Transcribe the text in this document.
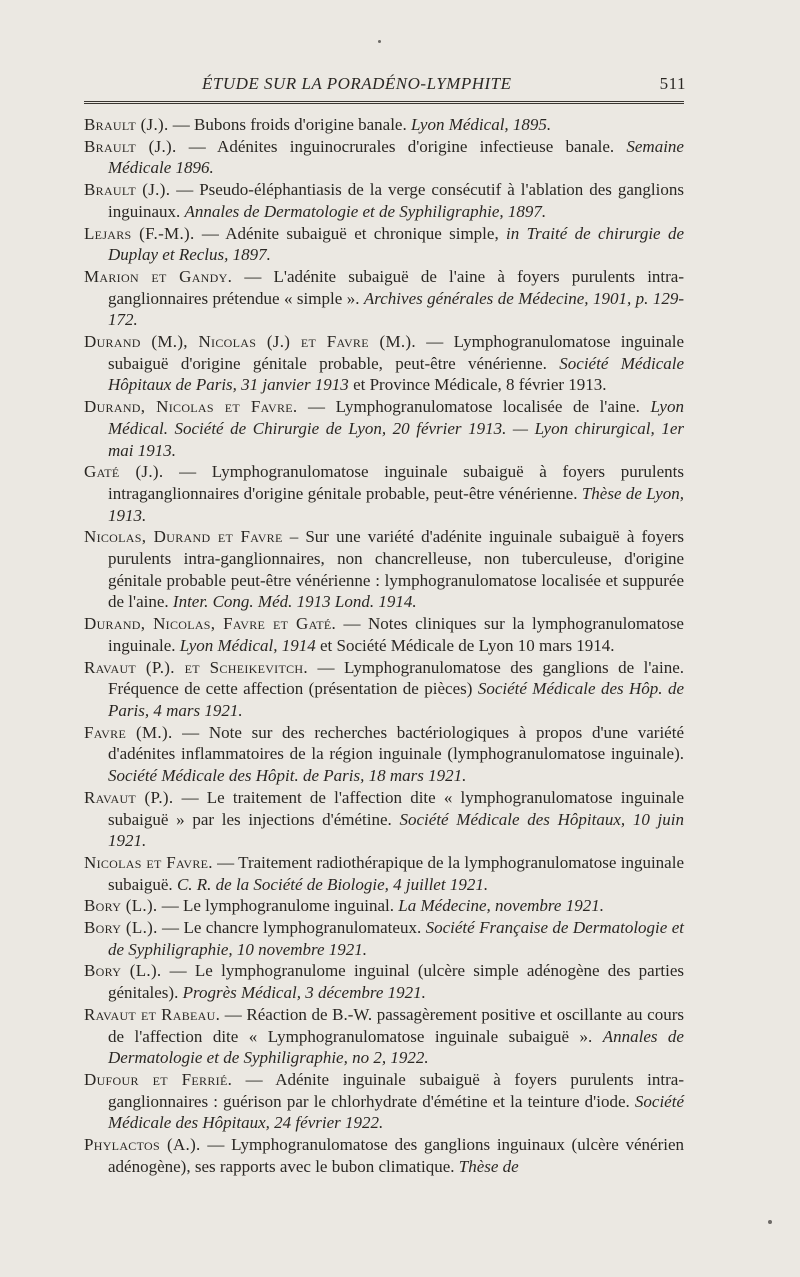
ÉTUDE SUR LA PORADÉNO-LYMPHITE	511

Brault (J.). — Bubons froids d'origine banale. Lyon Médical, 1895.

Brault (J.). — Adénites inguinocrurales d'origine infectieuse banale. Semaine Médicale 1896.

Brault (J.). — Pseudo-éléphantiasis de la verge consécutif à l'ablation des ganglions inguinaux. Annales de Dermatologie et de Syphiligraphie, 1897.

Lejars (F.-M.). — Adénite subaiguë et chronique simple, in Traité de chirurgie de Duplay et Reclus, 1897.

Marion et Gandy. — L'adénite subaiguë de l'aine à foyers purulents intra-ganglionnaires prétendue « simple ». Archives générales de Médecine, 1901, p. 129-172.

Durand (M.), Nicolas (J.) et Favre (M.). — Lymphogranulomatose inguinale subaiguë d'origine génitale probable, peut-être vénérienne. Société Médicale Hôpitaux de Paris, 31 janvier 1913 et Province Médicale, 8 février 1913.

Durand, Nicolas et Favre. — Lymphogranulomatose localisée de l'aine. Lyon Médical. Société de Chirurgie de Lyon, 20 février 1913. — Lyon chirurgical, 1er mai 1913.

Gaté (J.). — Lymphogranulomatose inguinale subaiguë à foyers purulents intraganglionnaires d'origine génitale probable, peut-être vénérienne. Thèse de Lyon, 1913.

Nicolas, Durand et Favre – Sur une variété d'adénite inguinale subaiguë à foyers purulents intra-ganglionnaires, non chancrelleuse, non tuberculeuse, d'origine génitale probable peut-être vénérienne : lymphogranulomatose localisée et suppurée de l'aine. Inter. Cong. Méd. 1913 Lond. 1914.

Durand, Nicolas, Favre et Gaté. — Notes cliniques sur la lymphogranulomatose inguinale. Lyon Médical, 1914 et Société Médicale de Lyon 10 mars 1914.

Ravaut (P.). et Scheikevitch. — Lymphogranulomatose des ganglions de l'aine. Fréquence de cette affection (présentation de pièces) Société Médicale des Hôp. de Paris, 4 mars 1921.

Favre (M.). — Note sur des recherches bactériologiques à propos d'une variété d'adénites inflammatoires de la région inguinale (lymphogranulomatose inguinale). Société Médicale des Hôpit. de Paris, 18 mars 1921.

Ravaut (P.). — Le traitement de l'affection dite « lymphogranulomatose inguinale subaiguë » par les injections d'émétine. Société Médicale des Hôpitaux, 10 juin 1921.

Nicolas et Favre. — Traitement radiothérapique de la lymphogranulomatose inguinale subaiguë. C. R. de la Société de Biologie, 4 juillet 1921.

Bory (L.). — Le lymphogranulome inguinal. La Médecine, novembre 1921.

Bory (L.). — Le chancre lymphogranulomateux. Société Française de Dermatologie et de Syphiligraphie, 10 novembre 1921.

Bory (L.). — Le lymphogranulome inguinal (ulcère simple adénogène des parties génitales). Progrès Médical, 3 décembre 1921.

Ravaut et Rabeau. — Réaction de B.-W. passagèrement positive et oscillante au cours de l'affection dite « Lymphogranulomatose inguinale subaiguë ». Annales de Dermatologie et de Syphiligraphie, no 2, 1922.

Dufour et Ferrié. — Adénite inguinale subaiguë à foyers purulents intra-ganglionnaires : guérison par le chlorhydrate d'émétine et la teinture d'iode. Société Médicale des Hôpitaux, 24 février 1922.

Phylactos (A.). — Lymphogranulomatose des ganglions inguinaux (ulcère vénérien adénogène), ses rapports avec le bubon climatique. Thèse de
